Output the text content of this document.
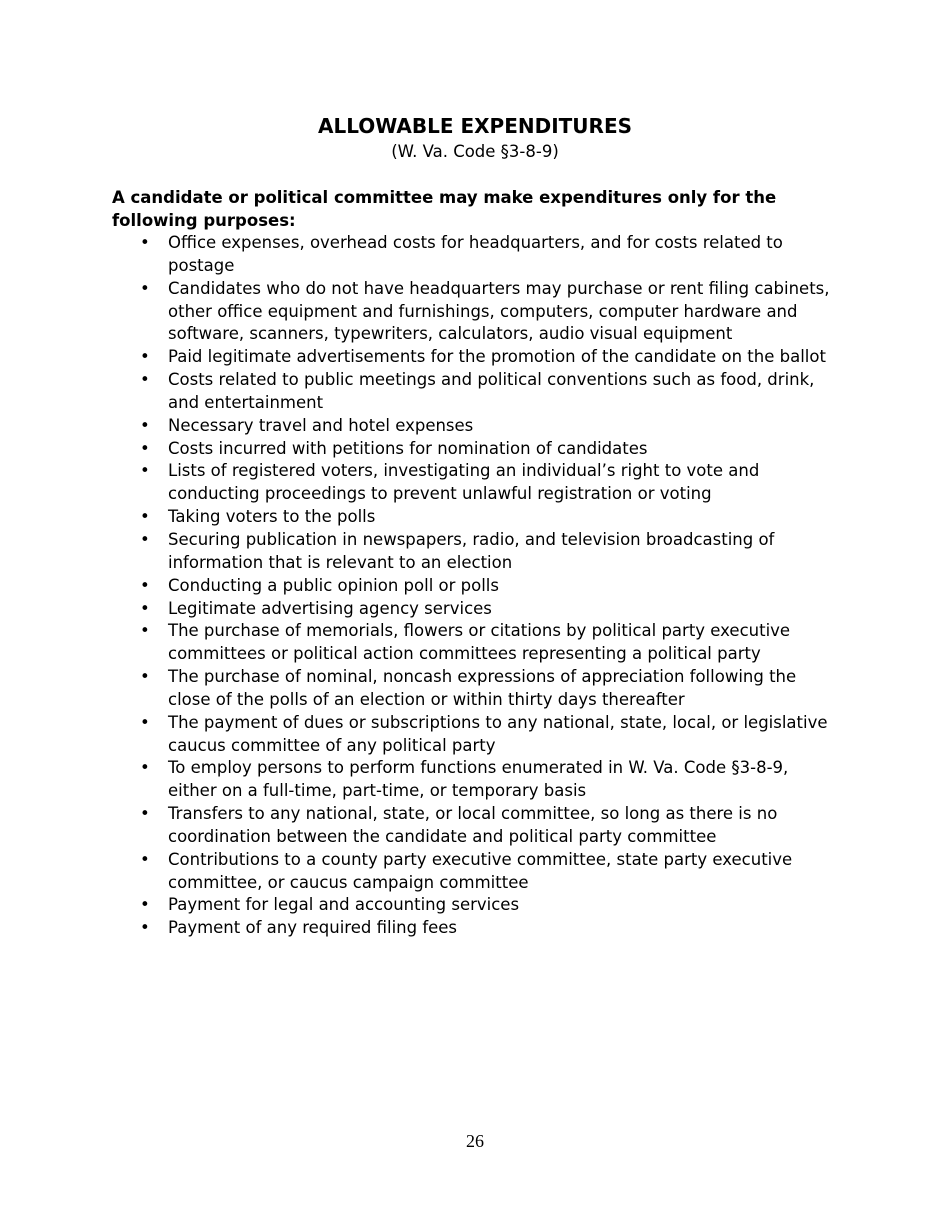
ALLOWABLE EXPENDITURES

(W. Va. Code §3-8-9)

A candidate or political committee may make expenditures only for the following purposes:

• Office expenses, overhead costs for headquarters, and for costs related to postage
• Candidates who do not have headquarters may purchase or rent filing cabinets, other office equipment and furnishings, computers, computer hardware and software, scanners, typewriters, calculators, audio visual equipment
• Paid legitimate advertisements for the promotion of the candidate on the ballot
• Costs related to public meetings and political conventions such as food, drink, and entertainment
• Necessary travel and hotel expenses
• Costs incurred with petitions for nomination of candidates
• Lists of registered voters, investigating an individual’s right to vote and conducting proceedings to prevent unlawful registration or voting
• Taking voters to the polls
• Securing publication in newspapers, radio, and television broadcasting of information that is relevant to an election
• Conducting a public opinion poll or polls
• Legitimate advertising agency services
• The purchase of memorials, flowers or citations by political party executive committees or political action committees representing a political party
• The purchase of nominal, noncash expressions of appreciation following the close of the polls of an election or within thirty days thereafter
• The payment of dues or subscriptions to any national, state, local, or legislative caucus committee of any political party
• To employ persons to perform functions enumerated in W. Va. Code §3-8-9, either on a full-time, part-time, or temporary basis
• Transfers to any national, state, or local committee, so long as there is no coordination between the candidate and political party committee
• Contributions to a county party executive committee, state party executive committee, or caucus campaign committee
• Payment for legal and accounting services
• Payment of any required filing fees

26
